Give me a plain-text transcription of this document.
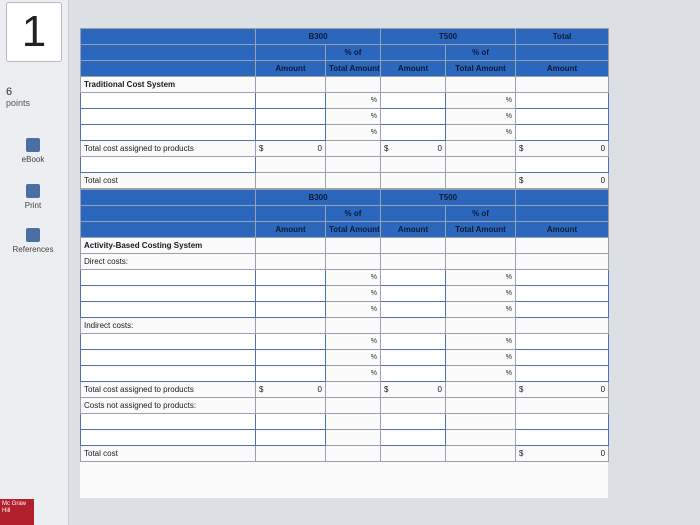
1
6
points
eBook
Print
References
Mc Graw Hill
	B300		T500		Total
		% of		% of	
	Amount	Total Amount	Amount	Total Amount	Amount
Traditional Cost System					
		%		%	
		%		%	
		%		%	
Total cost assigned to products	$ 0		$ 0		$ 0

Total cost					$ 0
	B300		T500		
		% of		% of	
	Amount	Total Amount	Amount	Total Amount	Amount
Activity-Based Costing System					
Direct costs:					
		%		%	
		%		%	
		%		%	
Indirect costs:					
		%		%	
		%		%	
		%		%	
Total cost assigned to products	$ 0		$ 0		$ 0

Costs not assigned to products:					

Total cost					$ 0
